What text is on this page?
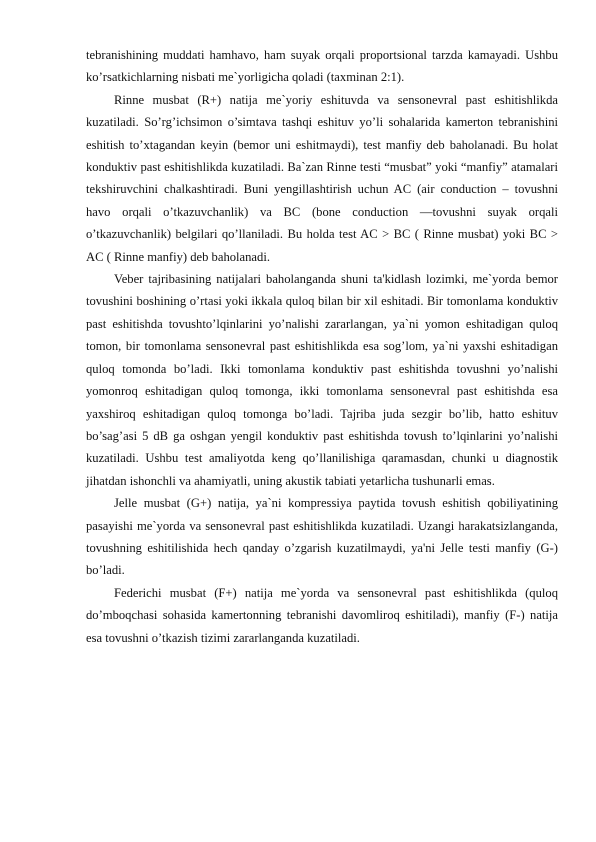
tebranishining muddati hamhavo, ham suyak orqali proportsional tarzda kamayadi. Ushbu ko’rsatkichlarning nisbati me`yorligicha qoladi (taxminan 2:1).

Rinne musbat (R+) natija me`yoriy eshituvda va sensonevral past eshitishlikda kuzatiladi. So’rg’ichsimon o’simtava tashqi eshituv yo’li sohalarida kamerton tebranishini eshitish to’xtagandan keyin (bemor uni eshitmaydi), test manfiy deb baholanadi. Bu holat konduktiv past eshitishlikda kuzatiladi. Ba`zan Rinne testi “musbat” yoki “manfiy” atamalari tekshiruvchini chalkashtiradi. Buni yengillashtirish uchun AC (air conduction – tovushni havo orqali o’tkazuvchanlik) va BC (bone conduction —tovushni suyak orqali o’tkazuvchanlik) belgilari qo’llaniladi. Bu holda test AC > BC ( Rinne musbat) yoki BC > AC ( Rinne manfiy) deb baholanadi.

Veber tajribasining natijalari baholanganda shuni ta'kidlash lozimki, me`yorda bemor tovushini boshining o’rtasi yoki ikkala quloq bilan bir xil eshitadi. Bir tomonlama konduktiv past eshitishda tovushto’lqinlarini yo’nalishi zararlangan, ya`ni yomon eshitadigan quloq tomon, bir tomonlama sensonevral past eshitishlikda esa sog’lom, ya`ni yaxshi eshitadigan quloq tomonda bo’ladi. Ikki tomonlama konduktiv past eshitishda tovushni yo’nalishi yomonroq eshitadigan quloq tomonga, ikki tomonlama sensonevral past eshitishda esa yaxshiroq eshitadigan quloq tomonga bo’ladi. Tajriba juda sezgir bo’lib, hatto eshituv bo’sag’asi 5 dB ga oshgan yengil konduktiv past eshitishda tovush to’lqinlarini yo’nalishi kuzatiladi. Ushbu test amaliyotda keng qo’llanilishiga qaramasdan, chunki u diagnostik jihatdan ishonchli va ahamiyatli, uning akustik tabiati yetarlicha tushunarli emas.

Jelle musbat (G+) natija, ya`ni kompressiya paytida tovush eshitish qobiliyatining pasayishi me`yorda va sensonevral past eshitishlikda kuzatiladi. Uzangi harakatsizlanganda, tovushning eshitilishida hech qanday o’zgarish kuzatilmaydi, ya'ni Jelle testi manfiy (G-) bo’ladi.

Federichi musbat (F+) natija me`yorda va sensonevral past eshitishlikda (quloq do’mboqchasi sohasida kamertonning tebranishi davomliroq eshitiladi), manfiy (F-) natija esa tovushni o’tkazish tizimi zararlanganda kuzatiladi.
